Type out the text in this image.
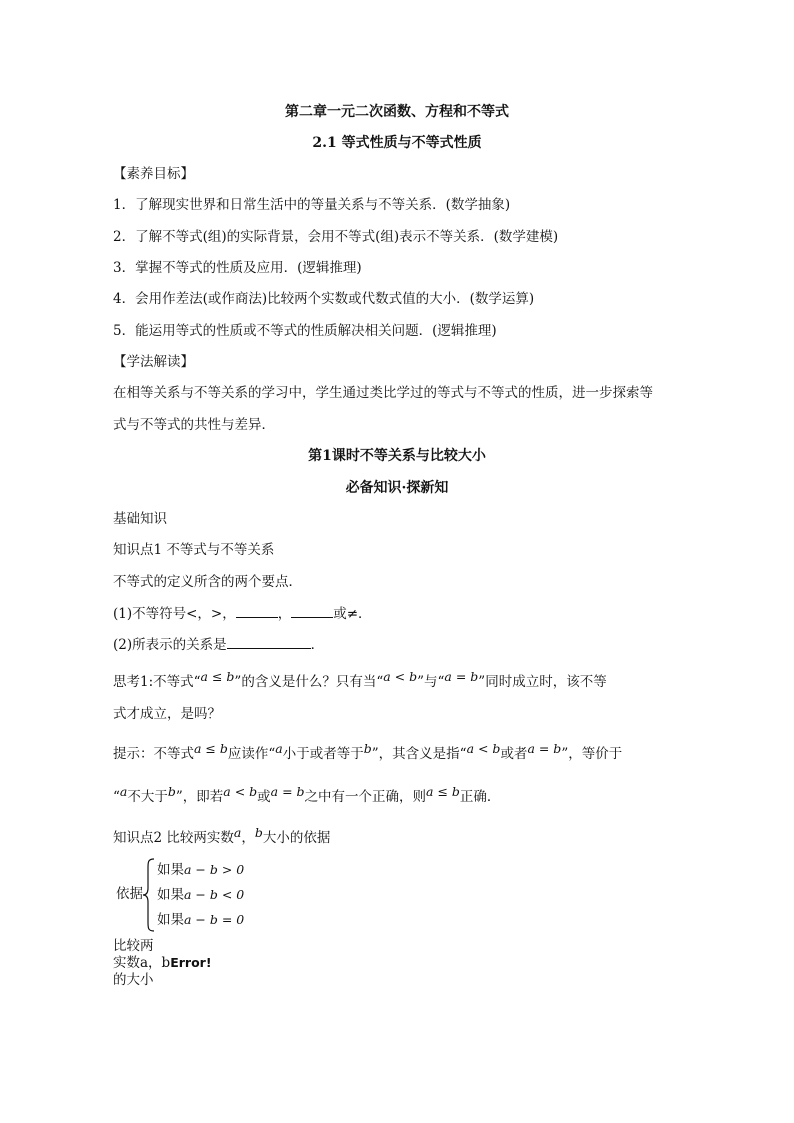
第二章一元二次函数、方程和不等式
2.1 等式性质与不等式性质
【素养目标】
1．了解现实世界和日常生活中的等量关系与不等关系．(数学抽象)
2．了解不等式(组)的实际背景，会用不等式(组)表示不等关系．(数学建模)
3．掌握不等式的性质及应用．(逻辑推理)
4．会用作差法(或作商法)比较两个实数或代数式值的大小．(数学运算)
5．能运用等式的性质或不等式的性质解决相关问题．(逻辑推理)
【学法解读】
在相等关系与不等关系的学习中，学生通过类比学过的等式与不等式的性质，进一步探索等
式与不等式的共性与差异．
第1课时不等关系与比较大小
必备知识·探新知
基础知识
知识点1 不等式与不等关系
不等式的定义所含的两个要点．
(1)不等符号<，>，	，	或≠．
(2)所表示的关系是	．
思考1:不等式“a ≤ b”的含义是什么？只有当“a < b”与“a = b”同时成立时，该不等
式才成立，是吗？
提示：不等式a ≤ b应读作“a小于或者等于b”，其含义是指“a < b或者a = b”，等价于
“a不大于b”，即若a < b或a = b之中有一个正确，则a ≤ b正确．
知识点2 比较两实数a，b大小的依据
依据
如果a − b > 0
如果a − b < 0
如果a − b = 0
比较两
实数a，bError!
的大小
